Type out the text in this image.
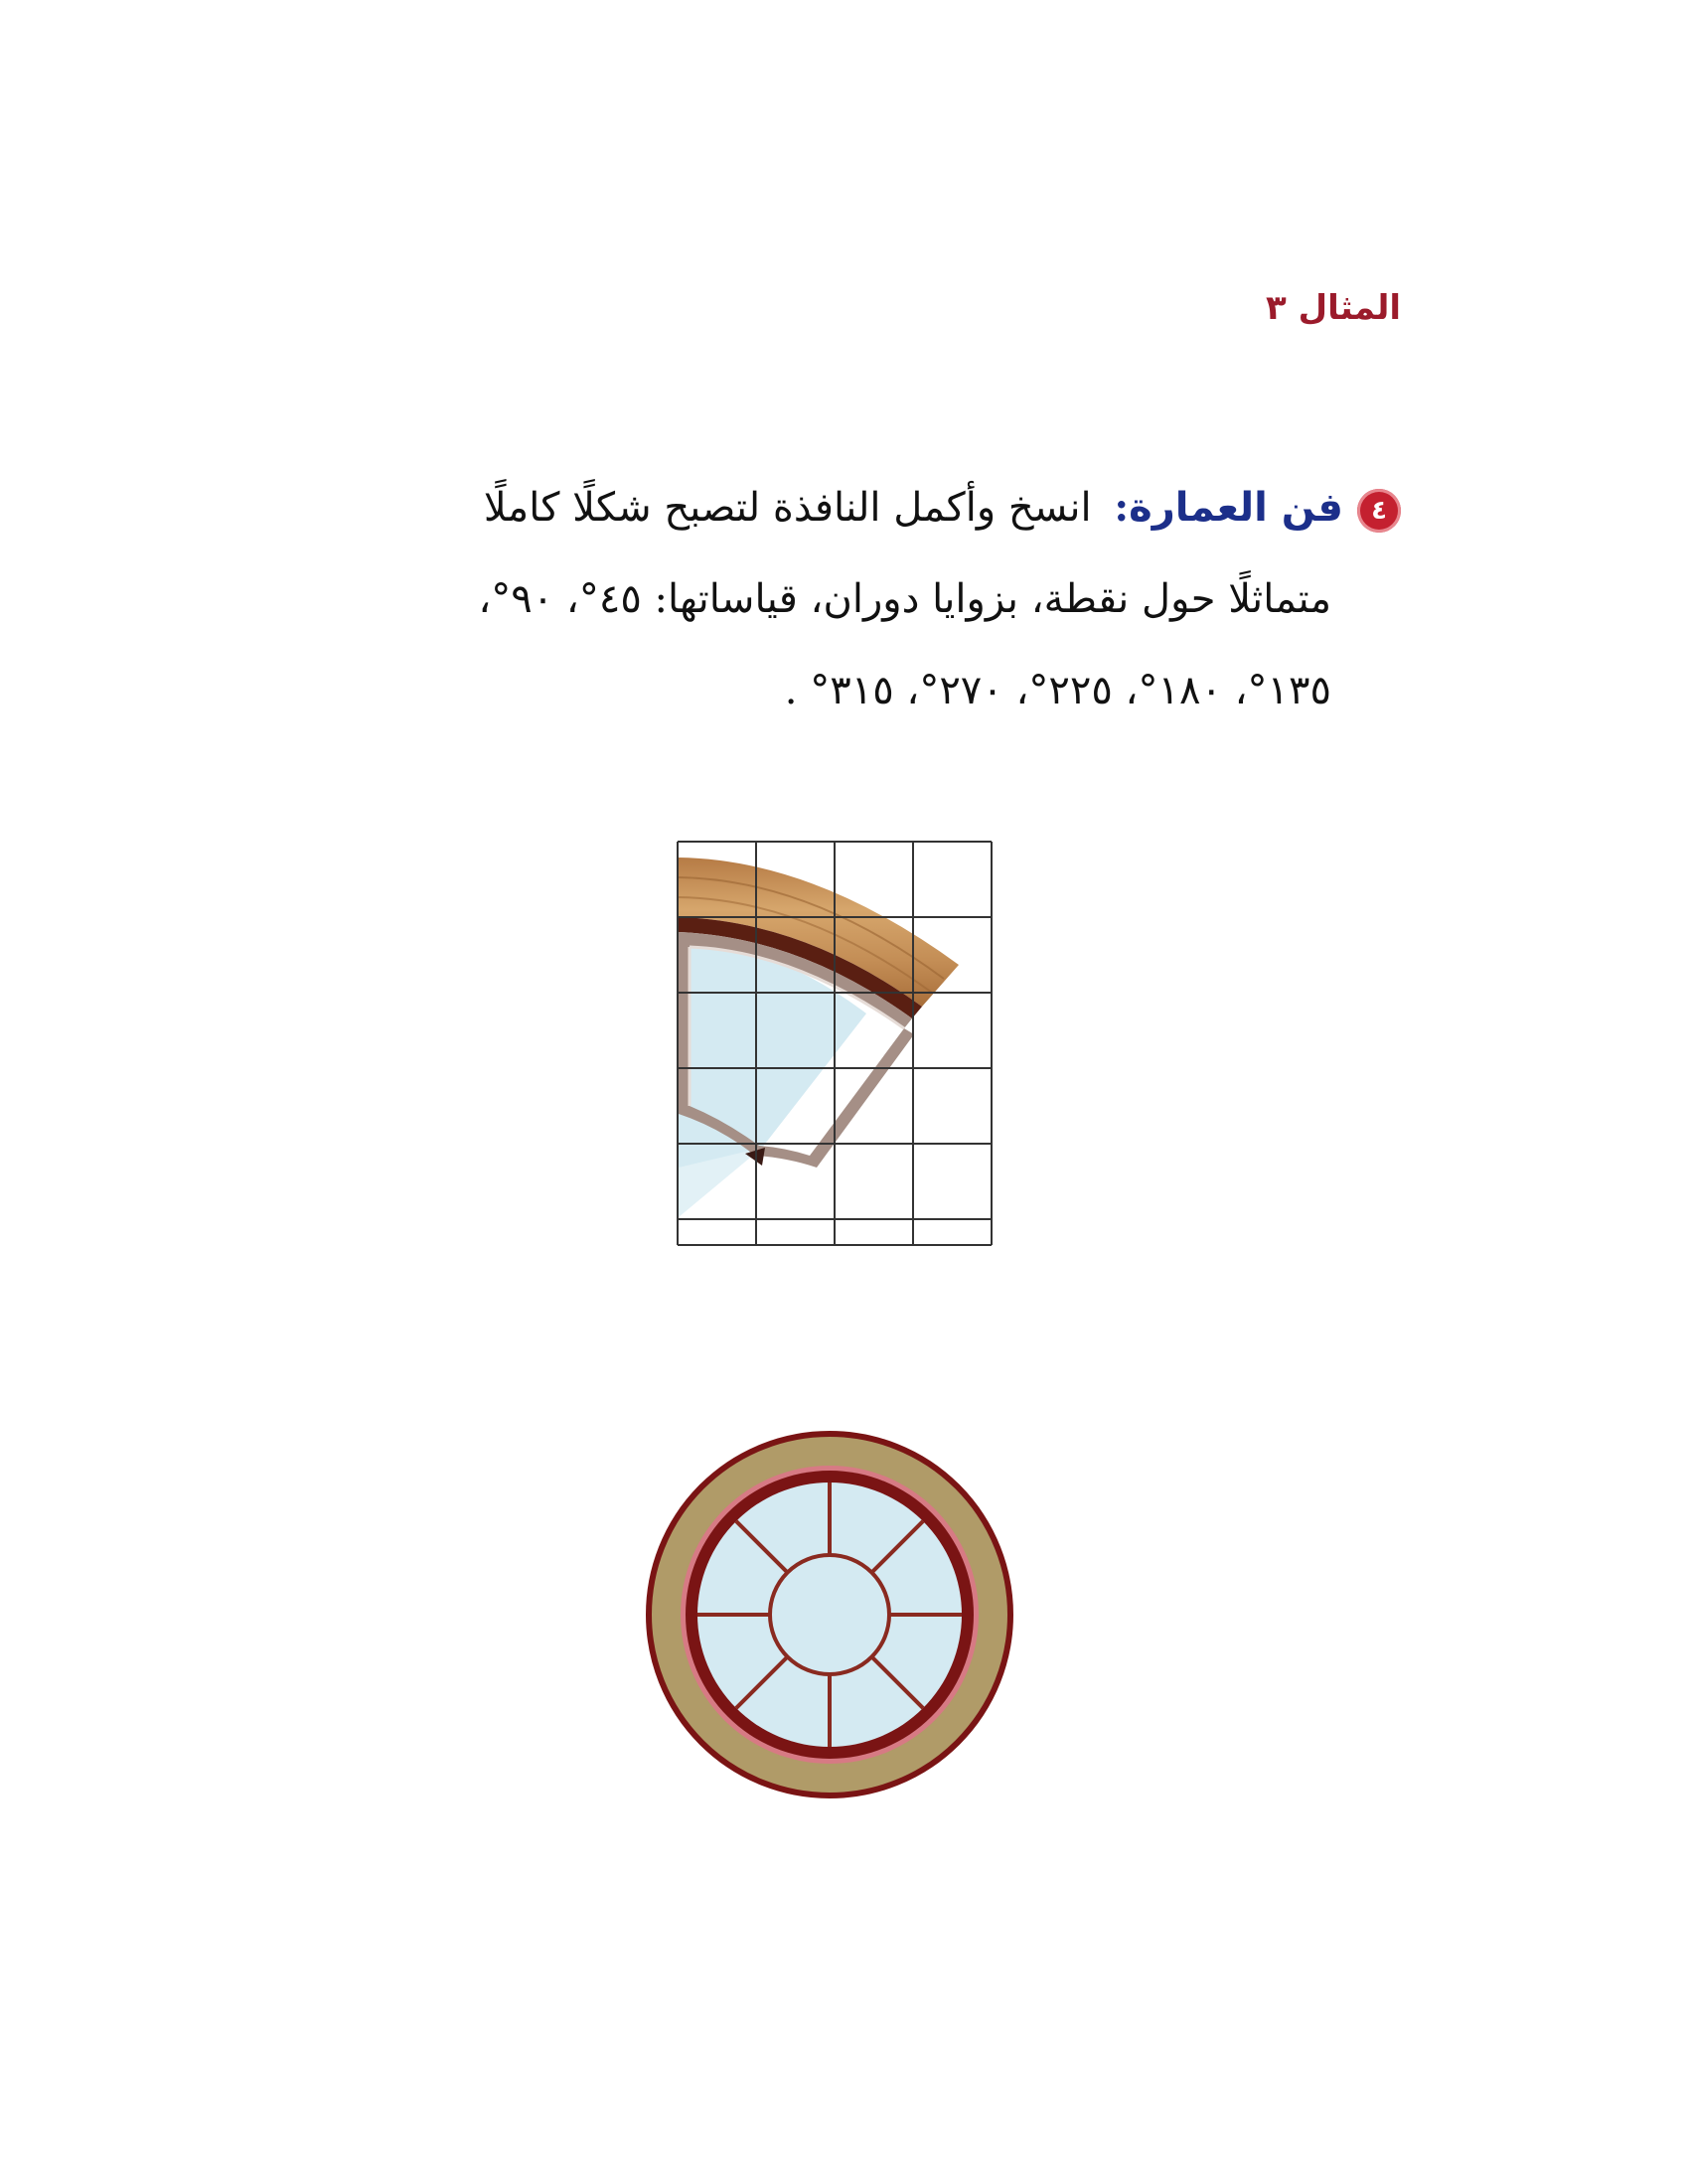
المثال ٣
٤فن العمارة: انسخ وأكمل النافذة لتصبح شكلًا كاملًا
متماثلًا حول نقطة، بزوايا دوران، قياساتها: ٤٥°، ٩٠°،
١٣٥°، ١٨٠°، ٢٢٥°، ٢٧٠°، ٣١٥° .
